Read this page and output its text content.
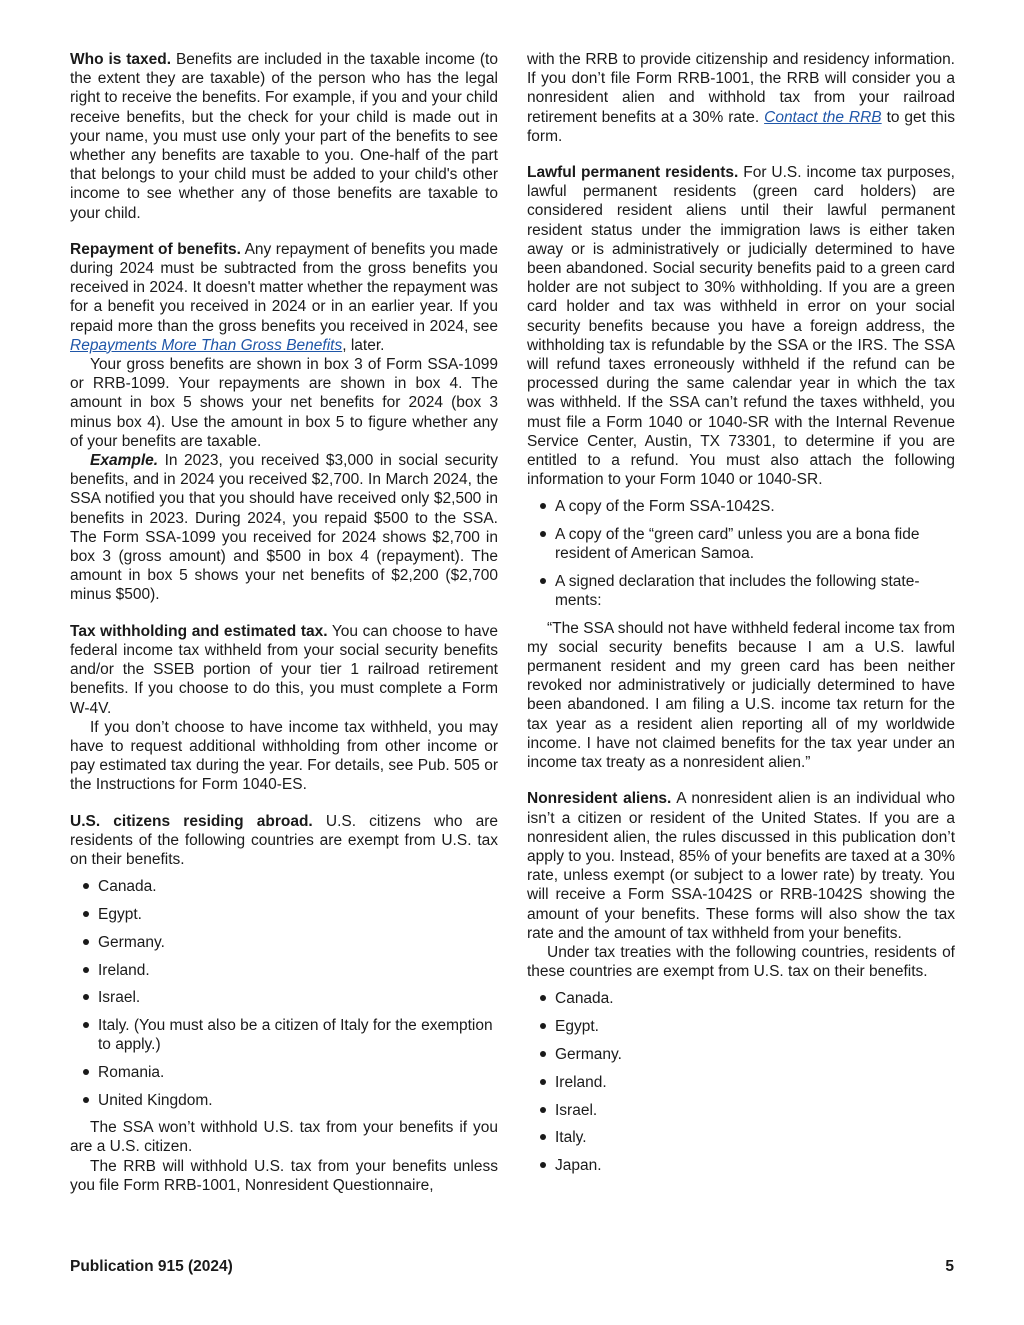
Who is taxed. Benefits are included in the taxable income (to the extent they are taxable) of the person who has the legal right to receive the benefits. For example, if you and your child receive benefits, but the check for your child is made out in your name, you must use only your part of the benefits to see whether any benefits are taxable to you. One-half of the part that belongs to your child must be added to your child's other income to see whether any of those benefits are taxable to your child.

Repayment of benefits. Any repayment of benefits you made during 2024 must be subtracted from the gross benefits you received in 2024. It doesn't matter whether the repayment was for a benefit you received in 2024 or in an earlier year. If you repaid more than the gross benefits you received in 2024, see Repayments More Than Gross Benefits, later.

Your gross benefits are shown in box 3 of Form SSA-1099 or RRB-1099. Your repayments are shown in box 4. The amount in box 5 shows your net benefits for 2024 (box 3 minus box 4). Use the amount in box 5 to figure whether any of your benefits are taxable.

Example. In 2023, you received $3,000 in social security benefits, and in 2024 you received $2,700. In March 2024, the SSA notified you that you should have received only $2,500 in benefits in 2023. During 2024, you repaid $500 to the SSA. The Form SSA-1099 you received for 2024 shows $2,700 in box 3 (gross amount) and $500 in box 4 (repayment). The amount in box 5 shows your net benefits of $2,200 ($2,700 minus $500).

Tax withholding and estimated tax. You can choose to have federal income tax withheld from your social security benefits and/or the SSEB portion of your tier 1 railroad retirement benefits. If you choose to do this, you must complete a Form W-4V.

If you don’t choose to have income tax withheld, you may have to request additional withholding from other income or pay estimated tax during the year. For details, see Pub. 505 or the Instructions for Form 1040-ES.

U.S. citizens residing abroad. U.S. citizens who are residents of the following countries are exempt from U.S. tax on their benefits.

Canada.
Egypt.
Germany.
Ireland.
Israel.
Italy. (You must also be a citizen of Italy for the exemption to apply.)
Romania.
United Kingdom.

The SSA won’t withhold U.S. tax from your benefits if you are a U.S. citizen.

The RRB will withhold U.S. tax from your benefits unless you file Form RRB-1001, Nonresident Questionnaire,

with the RRB to provide citizenship and residency information. If you don’t file Form RRB-1001, the RRB will consider you a nonresident alien and withhold tax from your railroad retirement benefits at a 30% rate. Contact the RRB to get this form.

Lawful permanent residents. For U.S. income tax purposes, lawful permanent residents (green card holders) are considered resident aliens until their lawful permanent resident status under the immigration laws is either taken away or is administratively or judicially determined to have been abandoned. Social security benefits paid to a green card holder are not subject to 30% withholding. If you are a green card holder and tax was withheld in error on your social security benefits because you have a foreign address, the withholding tax is refundable by the SSA or the IRS. The SSA will refund taxes erroneously withheld if the refund can be processed during the same calendar year in which the tax was withheld. If the SSA can’t refund the taxes withheld, you must file a Form 1040 or 1040-SR with the Internal Revenue Service Center, Austin, TX 73301, to determine if you are entitled to a refund. You must also attach the following information to your Form 1040 or 1040-SR.

A copy of the Form SSA-1042S.
A copy of the “green card” unless you are a bona fide resident of American Samoa.
A signed declaration that includes the following statements:

“The SSA should not have withheld federal income tax from my social security benefits because I am a U.S. lawful permanent resident and my green card has been neither revoked nor administratively or judicially determined to have been abandoned. I am filing a U.S. income tax return for the tax year as a resident alien reporting all of my worldwide income. I have not claimed benefits for the tax year under an income tax treaty as a nonresident alien.”

Nonresident aliens. A nonresident alien is an individual who isn’t a citizen or resident of the United States. If you are a nonresident alien, the rules discussed in this publication don’t apply to you. Instead, 85% of your benefits are taxed at a 30% rate, unless exempt (or subject to a lower rate) by treaty. You will receive a Form SSA-1042S or RRB-1042S showing the amount of your benefits. These forms will also show the tax rate and the amount of tax withheld from your benefits.

Under tax treaties with the following countries, residents of these countries are exempt from U.S. tax on their benefits.

Canada.
Egypt.
Germany.
Ireland.
Israel.
Italy.
Japan.
Publication 915 (2024)	5
